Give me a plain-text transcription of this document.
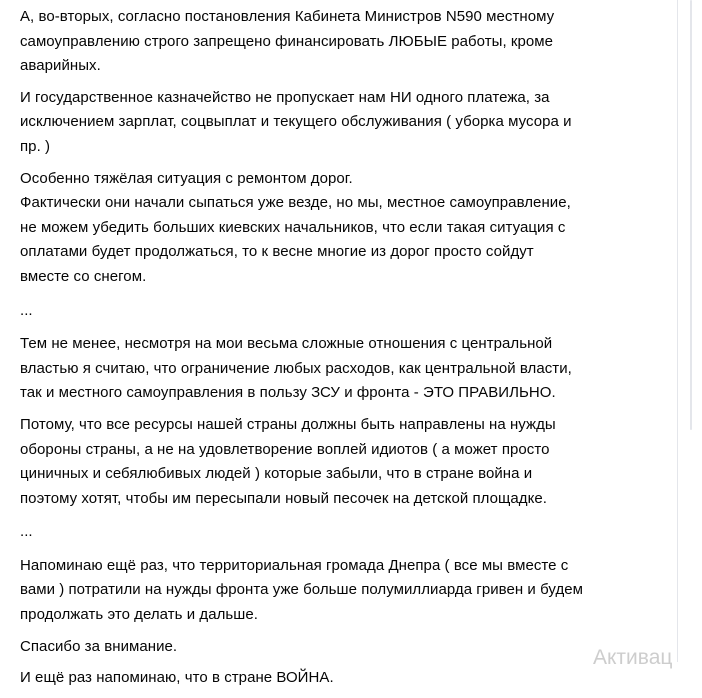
А, во-вторых, согласно постановления Кабинета Министров N590 местному
самоуправлению строго запрещено финансировать ЛЮБЫЕ работы, кроме
аварийных.
И государственное казначейство не пропускает нам НИ одного платежа, за
исключением зарплат, соцвыплат и текущего обслуживания ( уборка мусора и
пр. )
Особенно тяжёлая ситуация с ремонтом дорог.
Фактически они начали сыпаться уже везде, но мы, местное самоуправление,
не можем убедить больших киевских начальников, что если такая ситуация с
оплатами будет продолжаться, то к весне многие из дорог просто сойдут
вместе со снегом.
...
Тем не менее, несмотря на мои весьма сложные отношения с центральной
властью я считаю, что ограничение любых расходов, как центральной власти,
так и местного самоуправления в пользу ЗСУ и фронта - ЭТО ПРАВИЛЬНО.
Потому, что все ресурсы нашей страны должны быть направлены на нужды
обороны страны, а не на удовлетворение воплей идиотов ( а может просто
циничных и себялюбивых людей ) которые забыли, что в стране война и
поэтому хотят, чтобы им пересыпали новый песочек на детской площадке.
...
Напоминаю ещё раз, что территориальная громада Днепра ( все мы вместе с
вами ) потратили на нужды фронта уже больше полумиллиарда гривен и будем
продолжать это делать и дальше.
Спасибо за внимание.
И ещё раз напоминаю, что в стране ВОЙНА.
Активац
